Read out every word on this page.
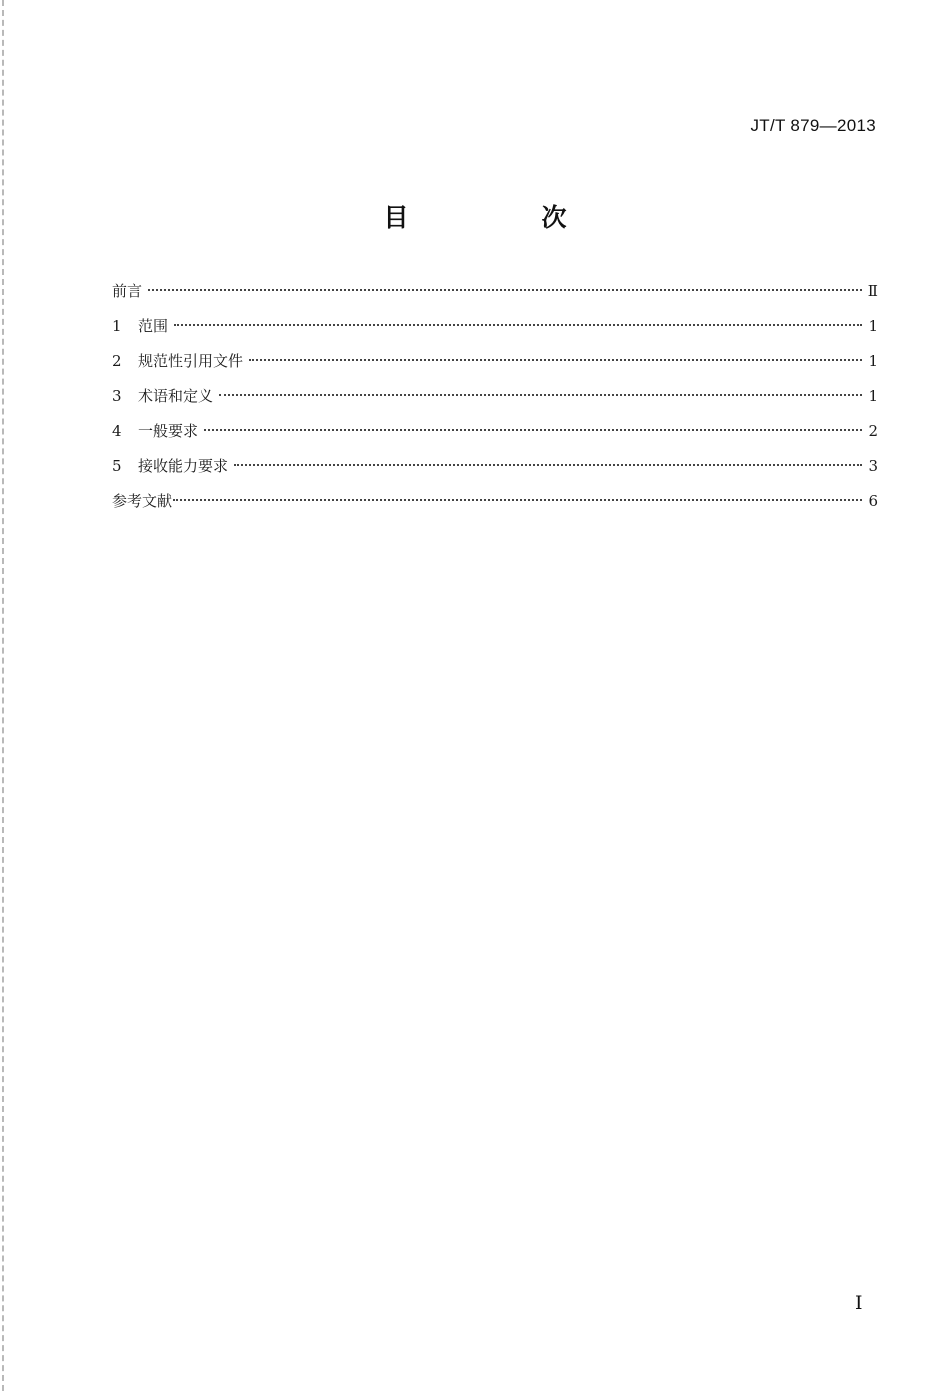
JT/T 879—2013
目　次
前言	Ⅱ
1	范围	1
2	规范性引用文件	1
3	术语和定义	1
4	一般要求	2
5	接收能力要求	3
参考文献	6
I
